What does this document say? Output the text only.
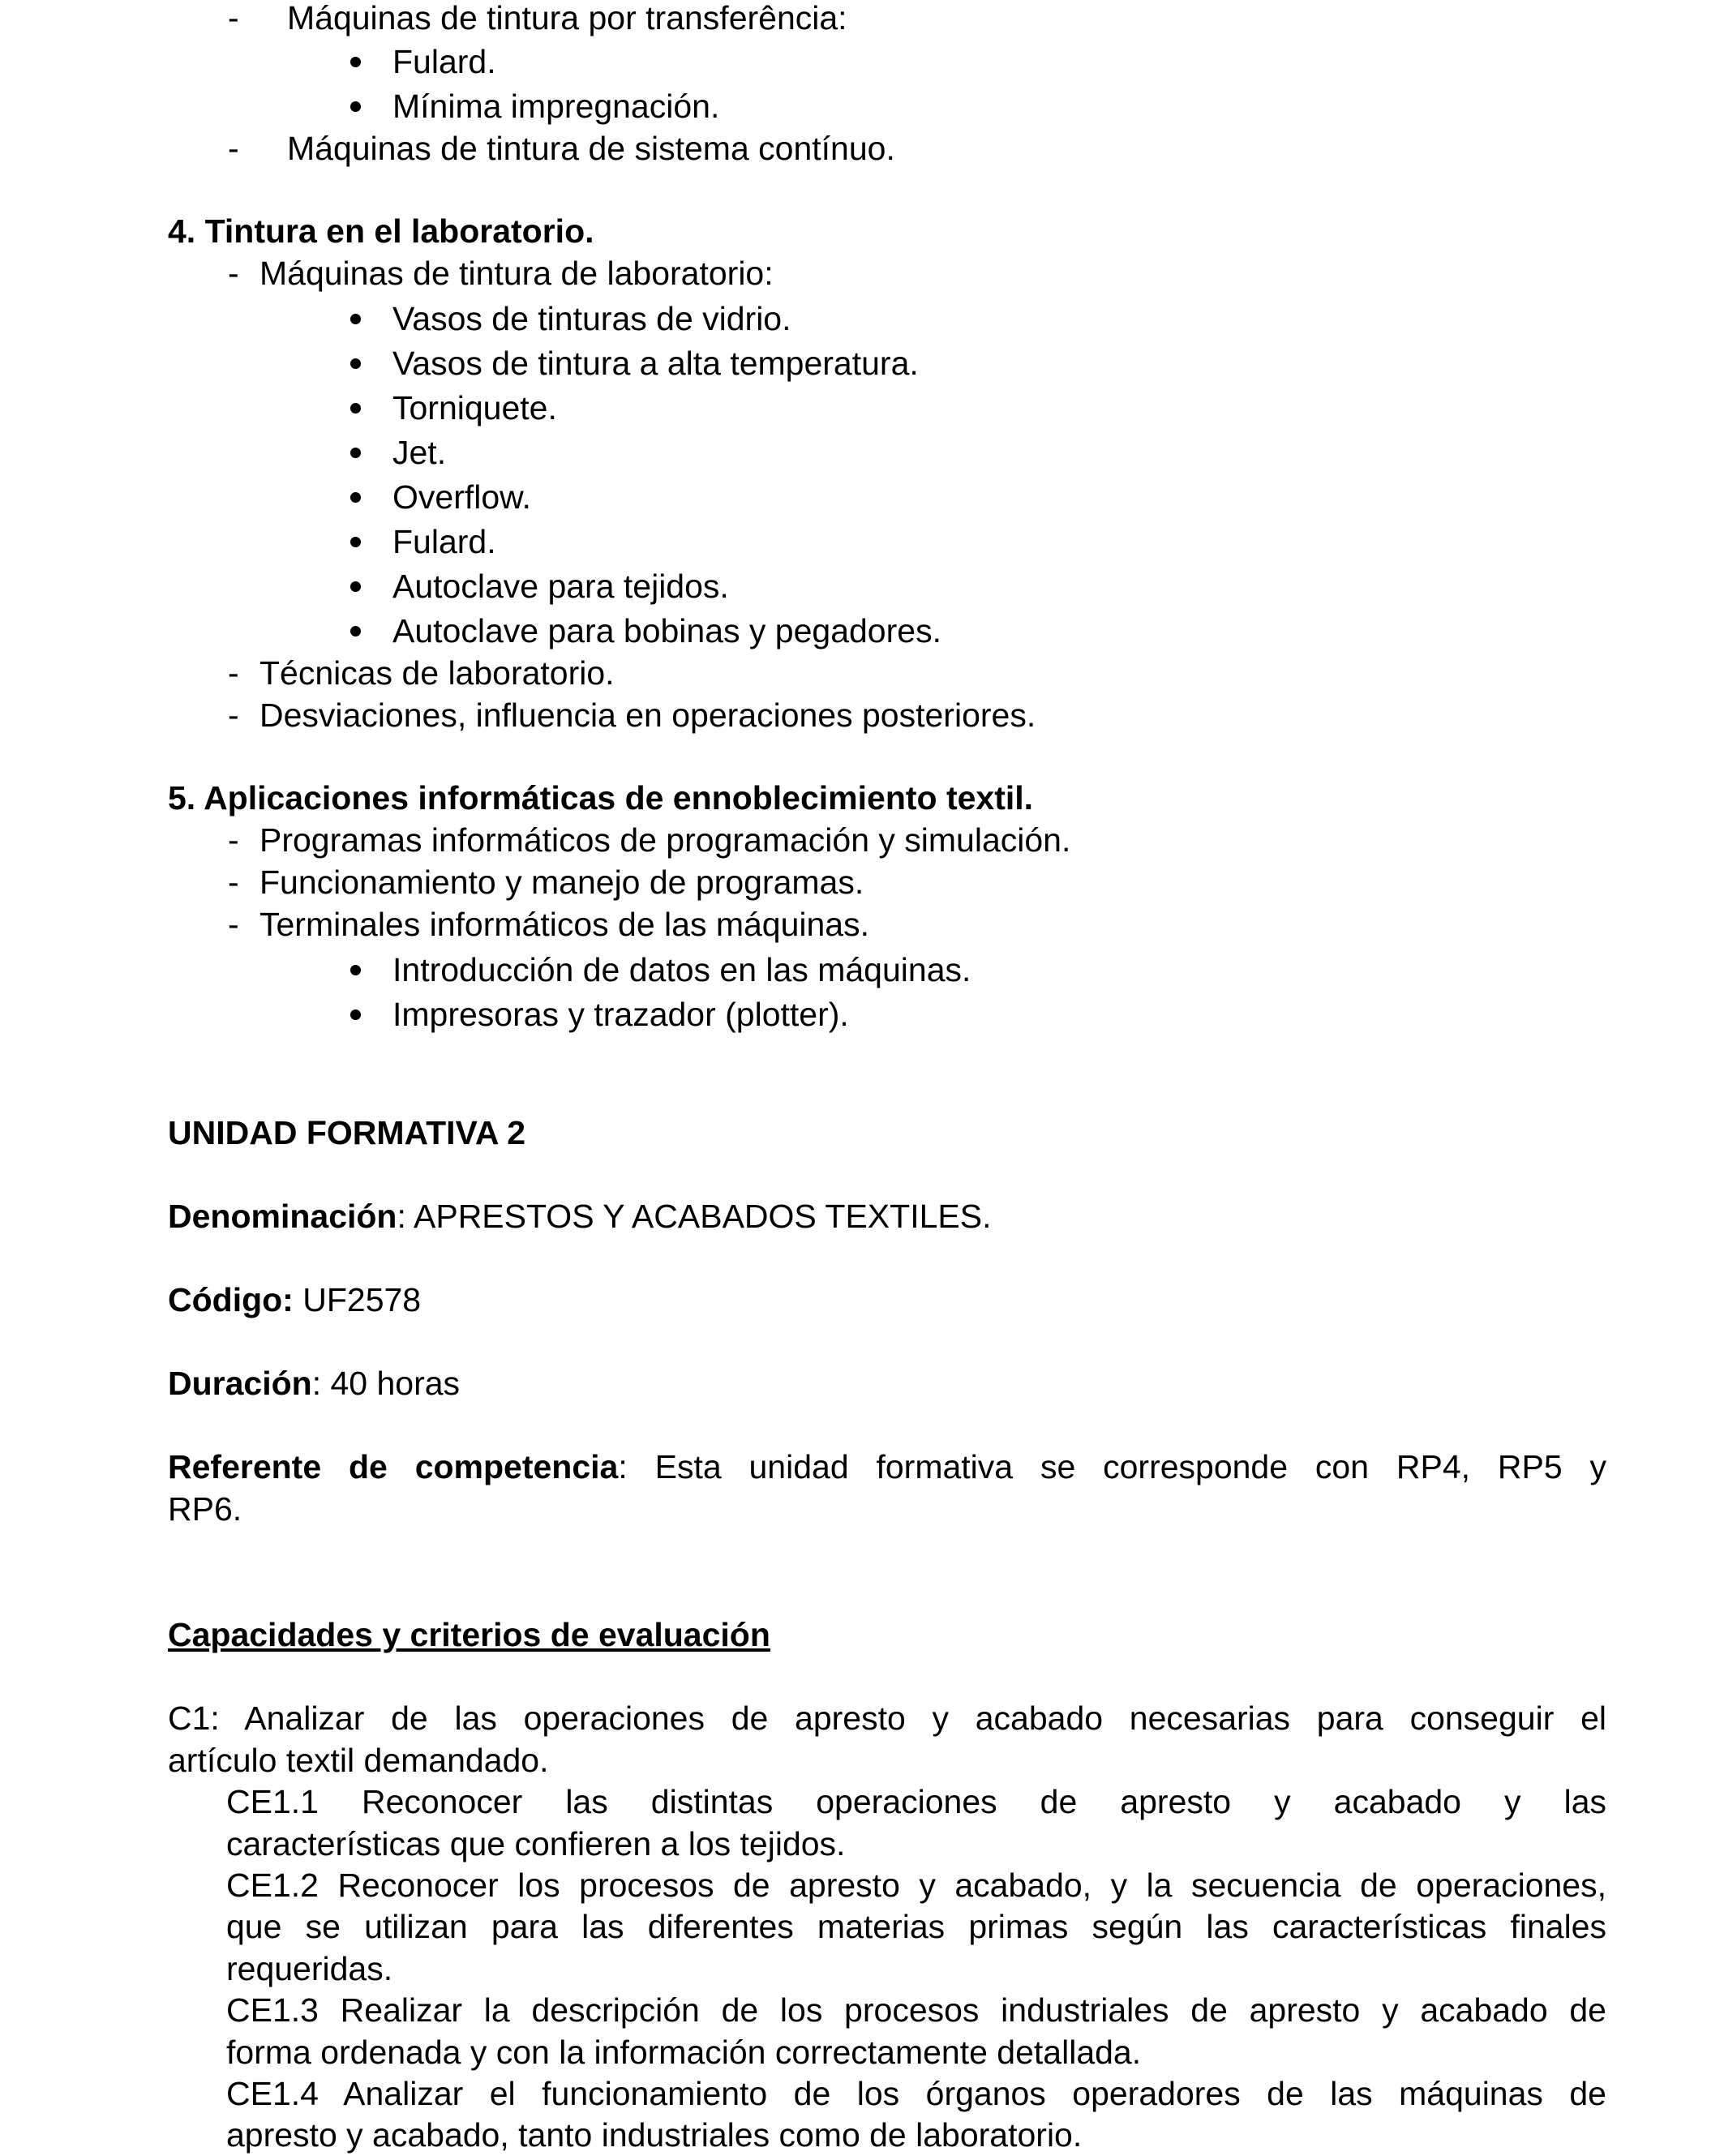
- Máquinas de tintura por transferência:
Fulard.
Mínima impregnación.
- Máquinas de tintura de sistema contínuo.
4. Tintura en el laboratorio.
- Máquinas de tintura de laboratorio:
Vasos de tinturas de vidrio.
Vasos de tintura a alta temperatura.
Torniquete.
Jet.
Overflow.
Fulard.
Autoclave para tejidos.
Autoclave para bobinas y pegadores.
- Técnicas de laboratorio.
- Desviaciones, influencia en operaciones posteriores.
5. Aplicaciones informáticas de ennoblecimiento textil.
- Programas informáticos de programación y simulación.
- Funcionamiento y manejo de programas.
- Terminales informáticos de las máquinas.
Introducción de datos en las máquinas.
Impresoras y trazador (plotter).
UNIDAD FORMATIVA 2
Denominación: APRESTOS Y ACABADOS TEXTILES.
Código: UF2578
Duración: 40 horas
Referente de competencia: Esta unidad formativa se corresponde con RP4, RP5 y
RP6.
Capacidades y criterios de evaluación
C1: Analizar de las operaciones de apresto y acabado necesarias para conseguir el
artículo textil demandado.
CE1.1 Reconocer las distintas operaciones de apresto y acabado y las
características que confieren a los tejidos.
CE1.2 Reconocer los procesos de apresto y acabado, y la secuencia de operaciones,
que se utilizan para las diferentes materias primas según las características finales
requeridas.
CE1.3 Realizar la descripción de los procesos industriales de apresto y acabado de
forma ordenada y con la información correctamente detallada.
CE1.4 Analizar el funcionamiento de los órganos operadores de las máquinas de
apresto y acabado, tanto industriales como de laboratorio.
